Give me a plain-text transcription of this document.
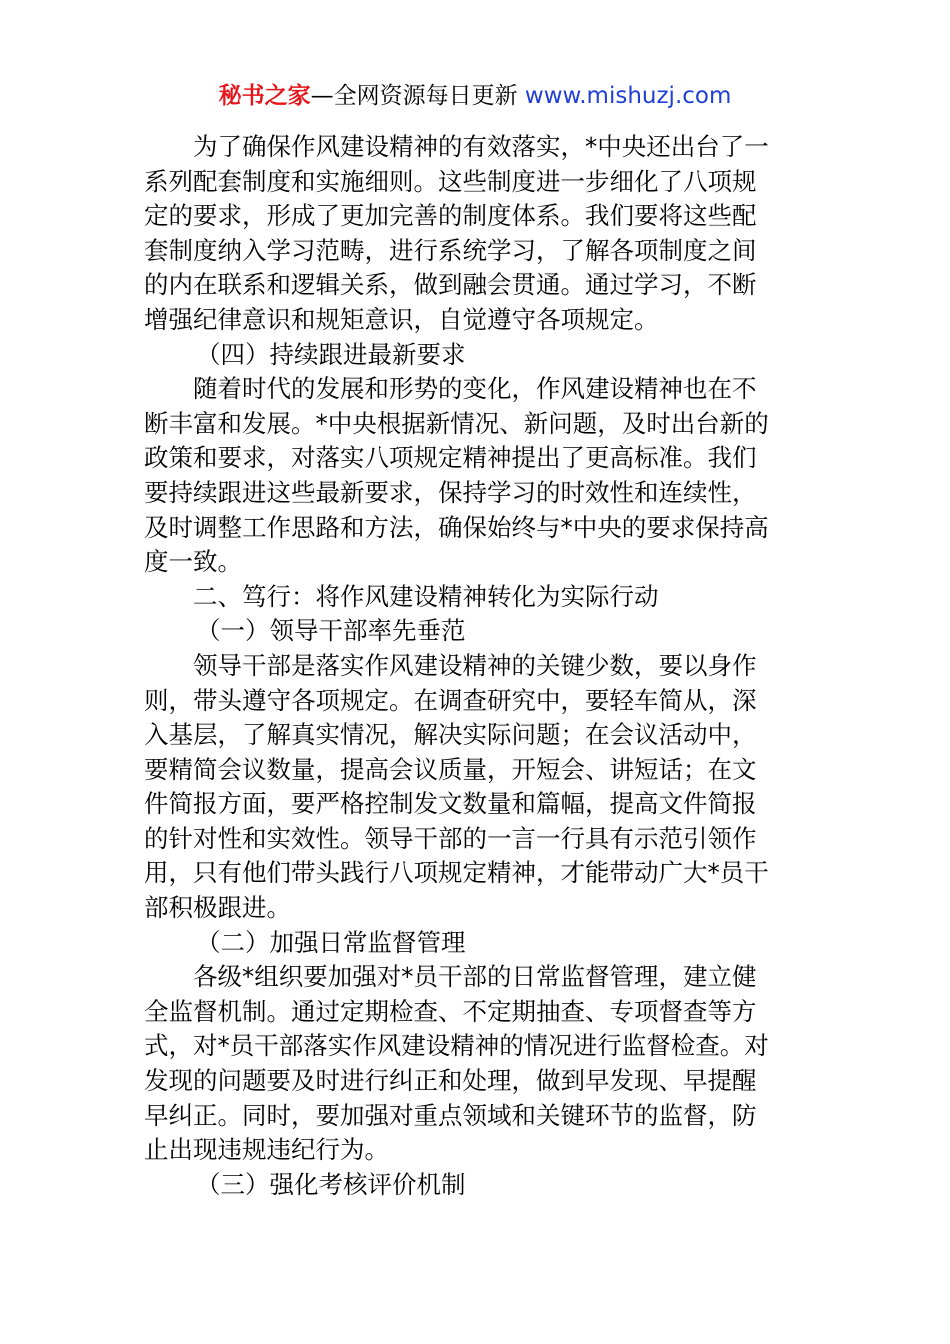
秘书之家—全网资源每日更新 www.mishuzj.com
为了确保作风建设精神的有效落实，*中央还出台了一
系列配套制度和实施细则。这些制度进一步细化了八项规
定的要求，形成了更加完善的制度体系。我们要将这些配
套制度纳入学习范畴，进行系统学习，了解各项制度之间
的内在联系和逻辑关系，做到融会贯通。通过学习，不断
增强纪律意识和规矩意识，自觉遵守各项规定。
（四）持续跟进最新要求
随着时代的发展和形势的变化，作风建设精神也在不
断丰富和发展。*中央根据新情况、新问题，及时出台新的
政策和要求，对落实八项规定精神提出了更高标准。我们
要持续跟进这些最新要求，保持学习的时效性和连续性，
及时调整工作思路和方法，确保始终与*中央的要求保持高
度一致。
二、笃行：将作风建设精神转化为实际行动
（一）领导干部率先垂范
领导干部是落实作风建设精神的关键少数，要以身作
则，带头遵守各项规定。在调查研究中，要轻车简从，深
入基层，了解真实情况，解决实际问题；在会议活动中，
要精简会议数量，提高会议质量，开短会、讲短话；在文
件简报方面，要严格控制发文数量和篇幅，提高文件简报
的针对性和实效性。领导干部的一言一行具有示范引领作
用，只有他们带头践行八项规定精神，才能带动广大*员干
部积极跟进。
（二）加强日常监督管理
各级*组织要加强对*员干部的日常监督管理，建立健
全监督机制。通过定期检查、不定期抽查、专项督查等方
式，对*员干部落实作风建设精神的情况进行监督检查。对
发现的问题要及时进行纠正和处理，做到早发现、早提醒
早纠正。同时，要加强对重点领域和关键环节的监督，防
止出现违规违纪行为。
（三）强化考核评价机制
